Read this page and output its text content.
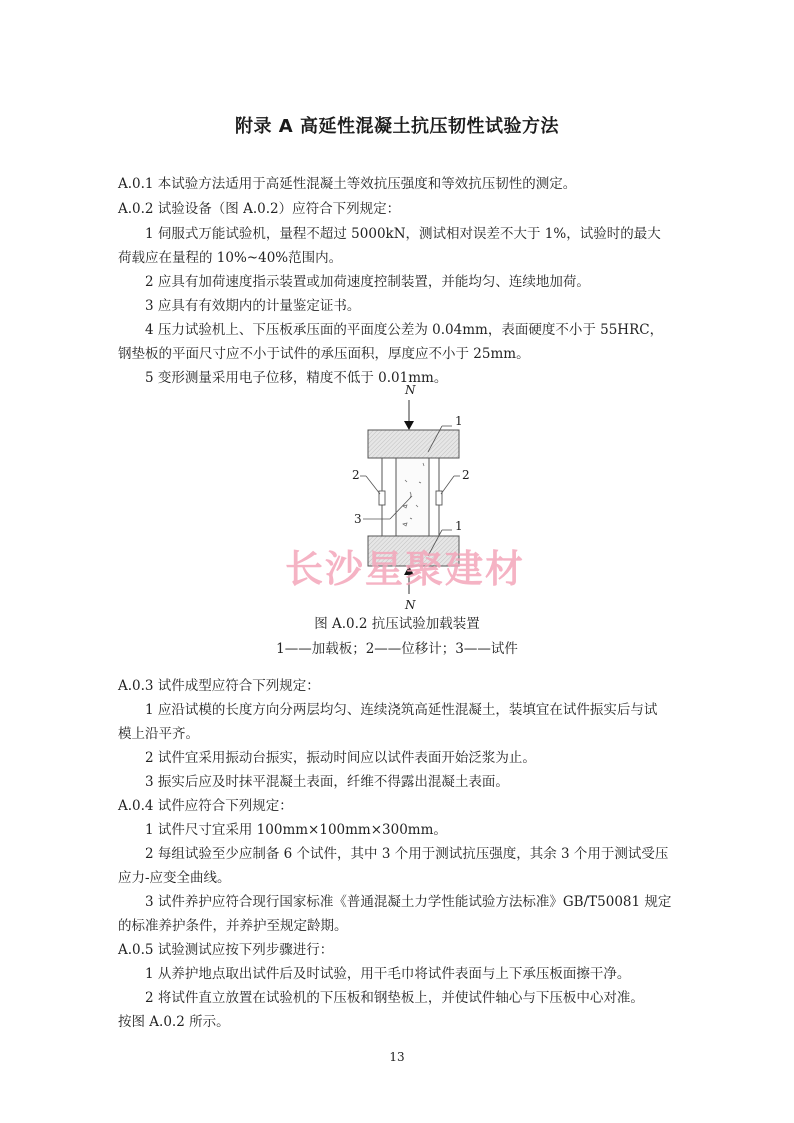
附录 A 高延性混凝土抗压韧性试验方法
A.0.1 本试验方法适用于高延性混凝土等效抗压强度和等效抗压韧性的测定。
A.0.2 试验设备（图 A.0.2）应符合下列规定：
1 伺服式万能试验机，量程不超过 5000kN，测试相对误差不大于 1%，试验时的最大
荷载应在量程的 10%~40%范围内。
2 应具有加荷速度指示装置或加荷速度控制装置，并能均匀、连续地加荷。
3 应具有有效期内的计量鉴定证书。
4 压力试验机上、下压板承压面的平面度公差为 0.04mm，表面硬度不小于 55HRC，
钢垫板的平面尺寸应不小于试件的承压面积，厚度应不小于 25mm。
5 变形测量采用电子位移，精度不低于 0.01mm。
A.0.3 试件成型应符合下列规定：
1 应沿试模的长度方向分两层均匀、连续浇筑高延性混凝土，装填宜在试件振实后与试
模上沿平齐。
2 试件宜采用振动台振实，振动时间应以试件表面开始泛浆为止。
3 振实后应及时抹平混凝土表面，纤维不得露出混凝土表面。
A.0.4 试件应符合下列规定：
1 试件尺寸宜采用 100mm×100mm×300mm。
2 每组试验至少应制备 6 个试件，其中 3 个用于测试抗压强度，其余 3 个用于测试受压
应力-应变全曲线。
3 试件养护应符合现行国家标准《普通混凝土力学性能试验方法标准》GB/T50081 规定
的标准养护条件，并养护至规定龄期。
A.0.5 试验测试应按下列步骤进行：
1 从养护地点取出试件后及时试验，用干毛巾将试件表面与上下承压板面擦干净。
2 将试件直立放置在试验机的下压板和钢垫板上，并使试件轴心与下压板中心对准。
按图 A.0.2 所示。
N
1
2	2
3	1
N
长沙星聚建材
图 A.0.2 抗压试验加载装置
1——加载板；2——位移计；3——试件
13
